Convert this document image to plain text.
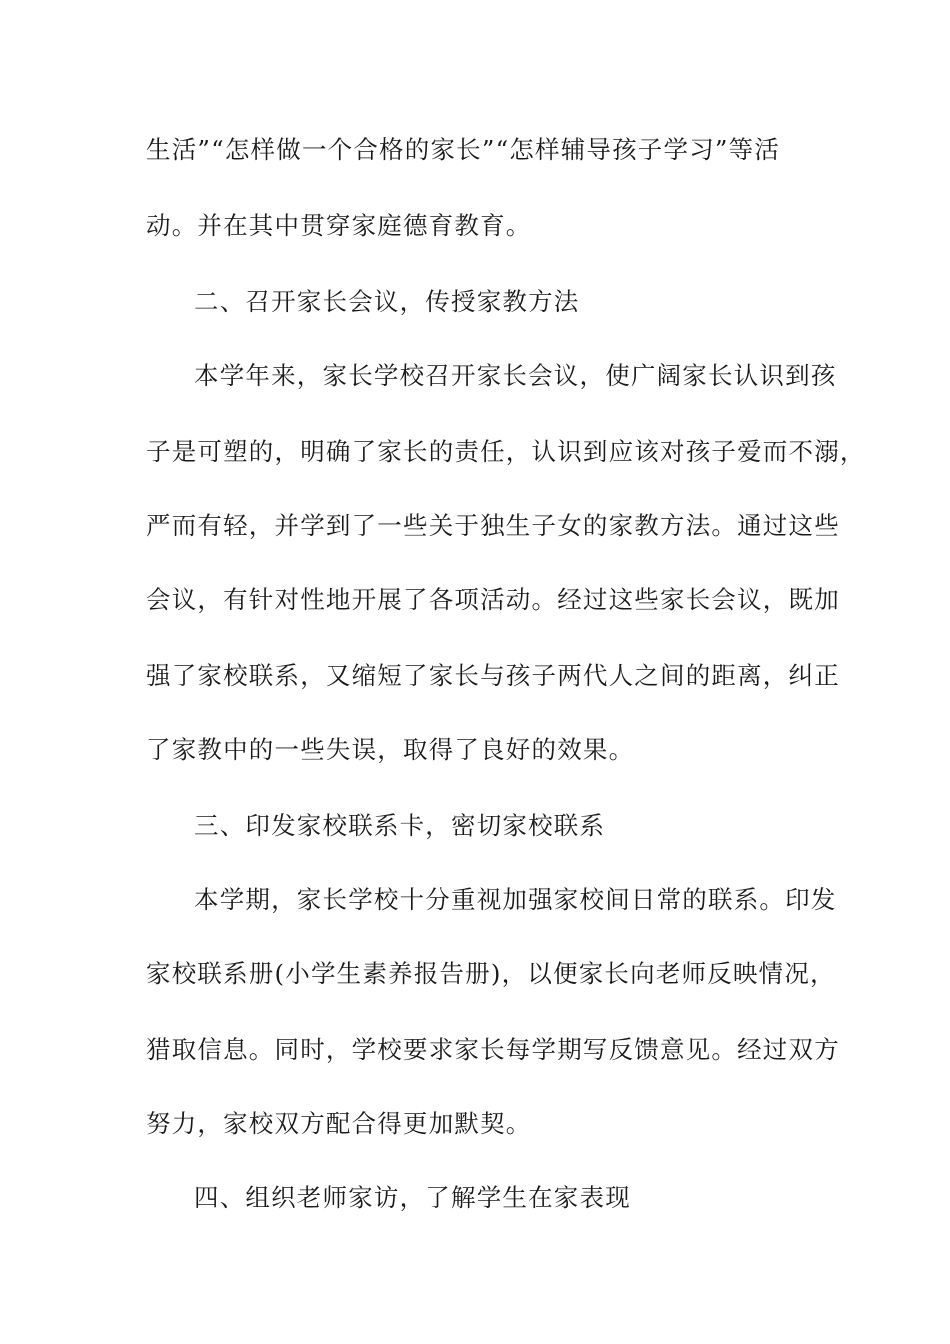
生活”“怎样做一个合格的家长”“怎样辅导孩子学习”等活
动。并在其中贯穿家庭德育教育。
二、召开家长会议，传授家教方法
本学年来，家长学校召开家长会议，使广阔家长认识到孩
子是可塑的，明确了家长的责任，认识到应该对孩子爱而不溺，
严而有轻，并学到了一些关于独生子女的家教方法。通过这些
会议，有针对性地开展了各项活动。经过这些家长会议，既加
强了家校联系，又缩短了家长与孩子两代人之间的距离，纠正
了家教中的一些失误，取得了良好的效果。
三、印发家校联系卡，密切家校联系
本学期，家长学校十分重视加强家校间日常的联系。印发
家校联系册(小学生素养报告册)，以便家长向老师反映情况，
猎取信息。同时，学校要求家长每学期写反馈意见。经过双方
努力，家校双方配合得更加默契。
四、组织老师家访，了解学生在家表现
